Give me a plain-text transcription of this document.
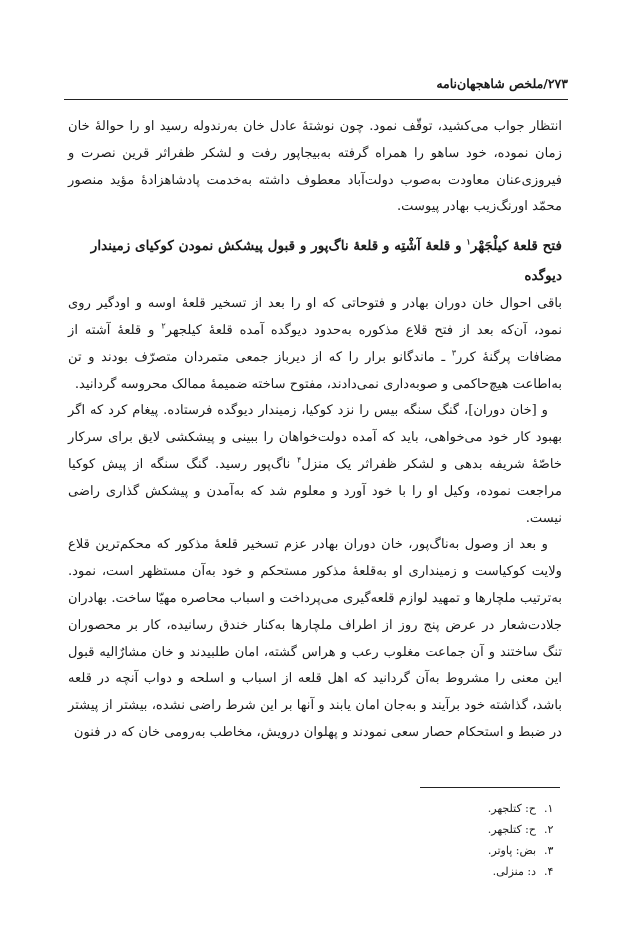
۲۷۳/ملخص شاهجهان‌نامه

انتظار جواب می‌کشید، توقّف نمود. چون نوشتۀ عادل خان به‌رندوله رسید او را حوالۀ خان زمان نموده، خود ساهو را همراه گرفته به‌بیجاپور رفت و لشکر ظفراثر قرین نصرت و فیروزی‌عنان معاودت به‌صوب دولت‌آباد معطوف داشته به‌خدمت پادشاهزادۀ مؤید منصور محمّد اورنگ‌زیب بهادر پیوست.

فتح قلعۀ کیلْجَهْر$^۱$ و قلعۀ آشْتِه و قلعۀ ناگ‌پور و قبول پیشکش نمودن کوکیای زمیندار دیوگده

باقی احوال خان دوران بهادر و فتوحاتی که او را بعد از تسخیر قلعۀ اوسه و اودگیر روی نمود، آن‌که بعد از فتح قلاع مذکوره به‌حدود دیوگده آمده قلعۀ کیلجهر$^۲$ و قلعۀ آشته از مضافات پرگنۀ کرر$^۳$ ـ ماندگانو برار را که از دیرباز جمعی متمردان متصرّف بودند و تن به‌اطاعت هیچ‌حاکمی و صوبه‌داری نمی‌دادند، مفتوح ساخته ضمیمۀ ممالک محروسه گردانید.

و [خان دوران]، گنگ سنگه بیس را نزد کوکیا، زمیندار دیوگده فرستاده. پیغام کرد که اگر بهبود کار خود می‌خواهی، باید که آمده دولت‌خواهان را ببینی و پیشکشی لایق برای سرکار خاصّۀ شریفه بدهی و لشکر ظفراثر یک منزل$^۴$ ناگ‌پور رسید. گنگ سنگه از پیش کوکیا مراجعت نموده، وکیل او را با خود آورد و معلوم شد که به‌آمدن و پیشکش گذاری راضی نیست.

و بعد از وصول به‌ناگ‌پور، خان دوران بهادر عزم تسخیر قلعۀ مذکور که محکم‌ترین قلاع ولایت کوکیاست و زمینداری او به‌قلعۀ مذکور مستحکم و خود به‌آن مستظهر است، نمود. به‌ترتیب ملچارها و تمهید لوازم قلعه‌گیری می‌پرداخت و اسباب محاصره مهیّا ساخت. بهادران جلادت‌شعار در عرض پنج روز از اطراف ملچارها به‌کنار خندق رسانیده، کار بر محصوران تنگ ساختند و آن جماعت مغلوب رعب و هراس گشته، امان طلبیدند و خان مشارٌالیه قبول این معنی را مشروط به‌آن گردانید که اهل قلعه از اسباب و اسلحه و دواب آنچه در قلعه باشد، گذاشته خود برآیند و به‌جان امان یابند و آنها بر این شرط راضی نشده، بیشتر از پیشتر در ضبط و استحکام حصار سعی نمودند و پهلوان درویش، مخاطب به‌رومی خان که در فنون

۱.
ح: کتلجهر.
۲.
ح: کتلجهر.
۳.
بض: پاوتر.
۴.
د: منزلی.
